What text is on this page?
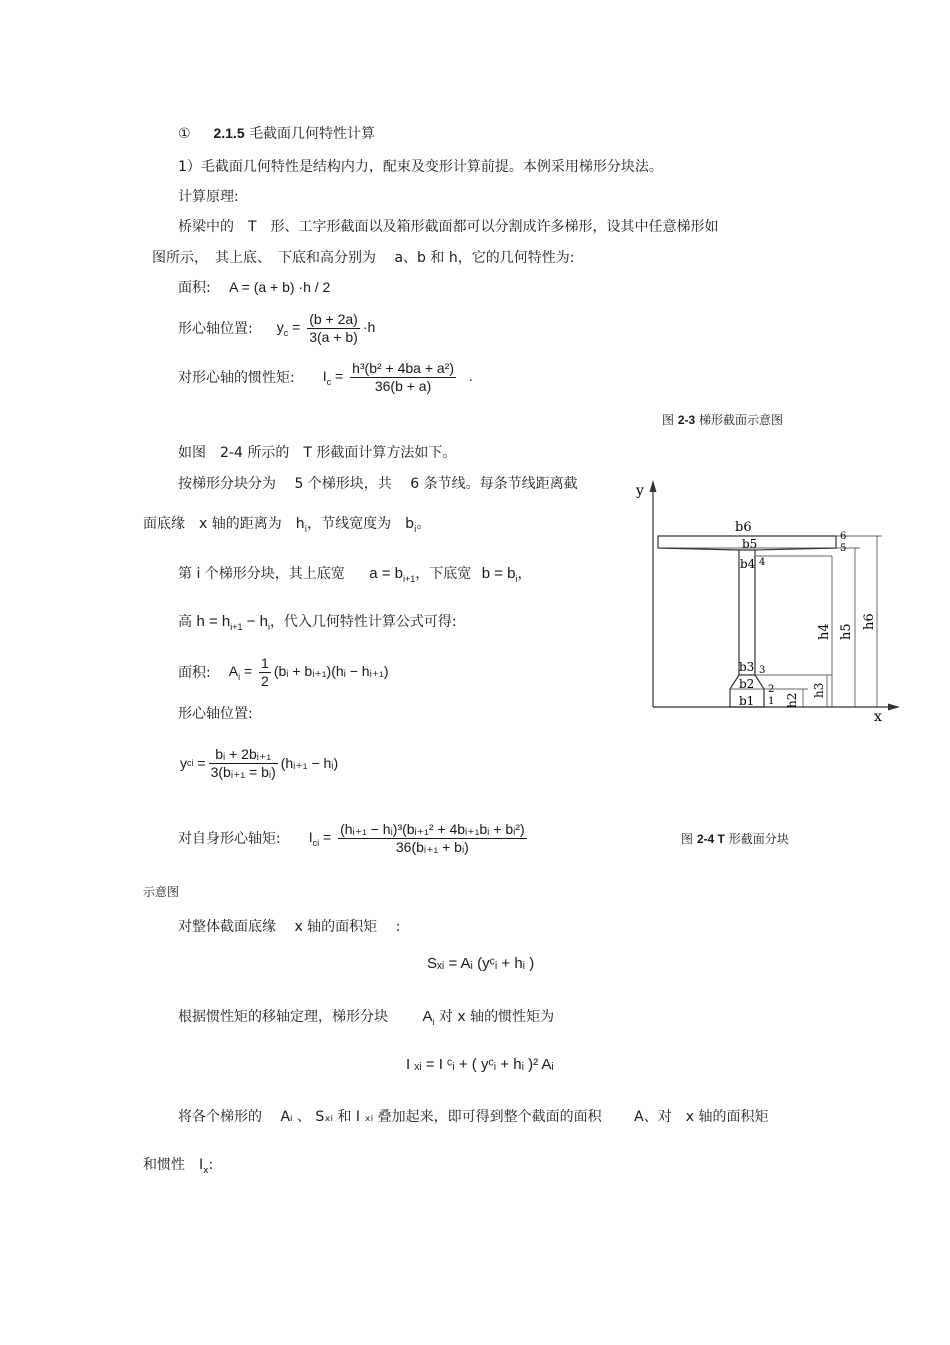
① 2.1.5 毛截面几何特性计算
1）毛截面几何特性是结构内力，配束及变形计算前提。本例采用梯形分块法。
计算原理:
桥梁中的　T　形、工字形截面以及箱形截面都可以分割成许多梯形，设其中任意梯形如
图所示，　其上底、　下底和高分别为　 a、b 和 h，它的几何特性为:
面积: A = (a + b) ·h / 2
形心轴位置: $y_c = \frac{(b + 2a)}{3(a + b)} \cdot h$
对形心轴的惯性矩: $I_c = \frac{\text{h³(b² + 4ba + a²)}}{36(b + a)}$ .
图 2-3 梯形截面示意图
如图　2-4 所示的　T 形截面计算方法如下。
按梯形分块分为　 5 个梯形块，共　 6 条节线。每条节线距离截
面底缘　x 轴的距离为　$h_i$，节线宽度为　$b_i$。
第 i 个梯形分块，其上底宽 $a = b_{i+1}$，下底宽 $b = b_i$，
高 $h = h_{i+1} - h_i$，代入几何特性计算公式可得:
面积: $A_i = \frac{1}{2}$ (bᵢ + bᵢ₊₁)(hᵢ − hᵢ₊₁)
形心轴位置:
y ci = $\frac{\text{bᵢ + 2bᵢ₊₁}}{\text{3(bᵢ₊₁ = bᵢ)}}$ (hᵢ₊₁ − hᵢ)
对自身形心轴矩: $I_{ci} = \frac{\text{(hᵢ₊₁ − hᵢ)³(bᵢ₊₁² + 4bᵢ₊₁bᵢ + bᵢ²)}}{\text{36(bᵢ₊₁ + bᵢ)}}$	图 2-4 T 形截面分块
示意图
对整体截面底缘　 x 轴的面积矩　 :
Sₓᵢ = Aᵢ (yᶜᵢ + hᵢ )
根据惯性矩的移轴定理，梯形分块 $A_i$ 对 x 轴的惯性矩为
I ₓᵢ = I ᶜᵢ + ( yᶜᵢ + hᵢ )² Aᵢ
将各个梯形的　 Aᵢ 、 Sₓᵢ 和 I ₓᵢ 叠加起来，即可得到整个截面的面积　　 A、对　x 轴的面积矩
和惯性　$I_x$:
y
x
b6
b5
b4
b3
b2
b1
6
5
4
3
2
1 h2
h3
h4 h5
h6
